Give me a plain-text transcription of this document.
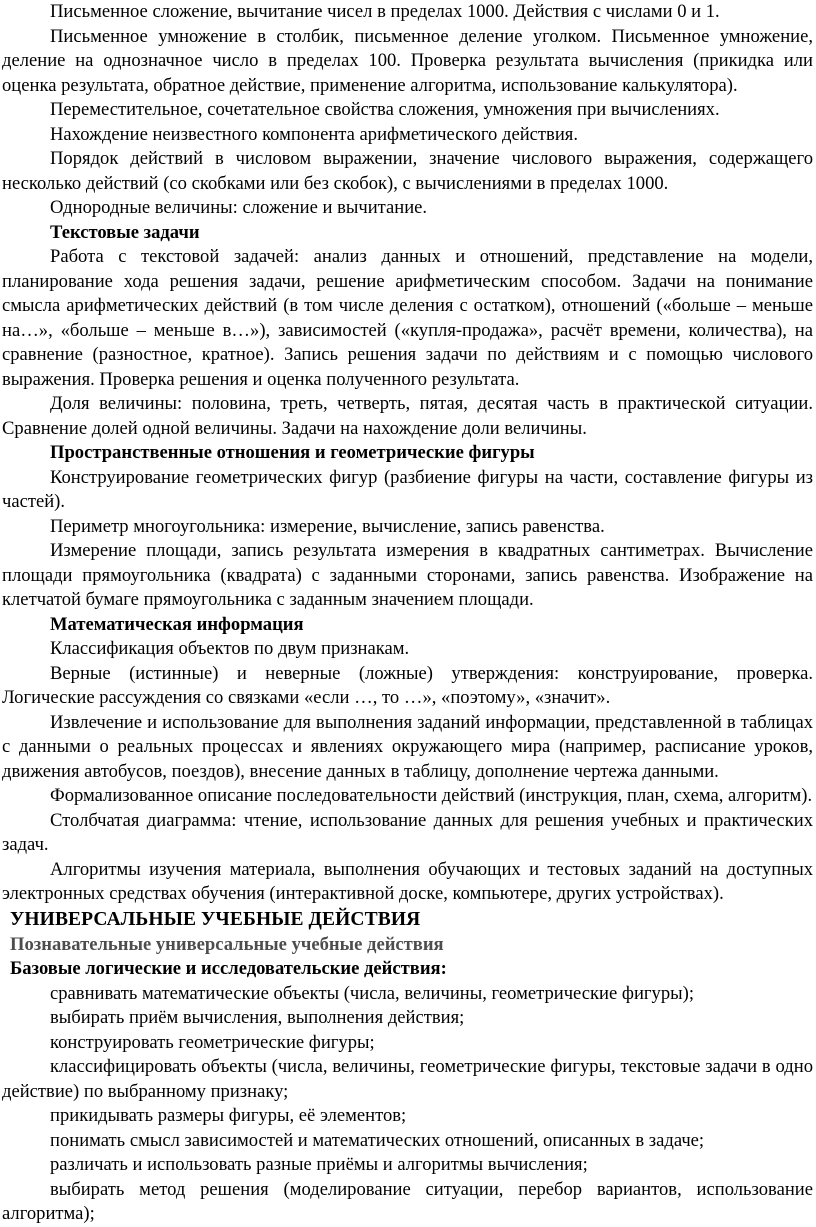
Письменное сложение, вычитание чисел в пределах 1000. Действия с числами 0 и 1.

Письменное умножение в столбик, письменное деление уголком. Письменное умножение, деление на однозначное число в пределах 100. Проверка результата вычисления (прикидка или оценка результата, обратное действие, применение алгоритма, использование калькулятора).

Переместительное, сочетательное свойства сложения, умножения при вычислениях.

Нахождение неизвестного компонента арифметического действия.

Порядок действий в числовом выражении, значение числового выражения, содержащего несколько действий (со скобками или без скобок), с вычислениями в пределах 1000.

Однородные величины: сложение и вычитание.

Текстовые задачи

Работа с текстовой задачей: анализ данных и отношений, представление на модели, планирование хода решения задачи, решение арифметическим способом. Задачи на понимание смысла арифметических действий (в том числе деления с остатком), отношений («больше – меньше на…», «больше – меньше в…»), зависимостей («купля-продажа», расчёт времени, количества), на сравнение (разностное, кратное). Запись решения задачи по действиям и с помощью числового выражения. Проверка решения и оценка полученного результата.

Доля величины: половина, треть, четверть, пятая, десятая часть в практической ситуации. Сравнение долей одной величины. Задачи на нахождение доли величины.

Пространственные отношения и геометрические фигуры

Конструирование геометрических фигур (разбиение фигуры на части, составление фигуры из частей).

Периметр многоугольника: измерение, вычисление, запись равенства.

Измерение площади, запись результата измерения в квадратных сантиметрах. Вычисление площади прямоугольника (квадрата) с заданными сторонами, запись равенства. Изображение на клетчатой бумаге прямоугольника с заданным значением площади.

Математическая информация

Классификация объектов по двум признакам.

Верные (истинные) и неверные (ложные) утверждения: конструирование, проверка. Логические рассуждения со связками «если …, то …», «поэтому», «значит».

Извлечение и использование для выполнения заданий информации, представленной в таблицах с данными о реальных процессах и явлениях окружающего мира (например, расписание уроков, движения автобусов, поездов), внесение данных в таблицу, дополнение чертежа данными.

Формализованное описание последовательности действий (инструкция, план, схема, алгоритм).

Столбчатая диаграмма: чтение, использование данных для решения учебных и практических задач.

Алгоритмы изучения материала, выполнения обучающих и тестовых заданий на доступных электронных средствах обучения (интерактивной доске, компьютере, других устройствах).

УНИВЕРСАЛЬНЫЕ УЧЕБНЫЕ ДЕЙСТВИЯ

Познавательные универсальные учебные действия

Базовые логические и исследовательские действия:

сравнивать математические объекты (числа, величины, геометрические фигуры);

выбирать приём вычисления, выполнения действия;

конструировать геометрические фигуры;

классифицировать объекты (числа, величины, геометрические фигуры, текстовые задачи в одно действие) по выбранному признаку;

прикидывать размеры фигуры, её элементов;

понимать смысл зависимостей и математических отношений, описанных в задаче;

различать и использовать разные приёмы и алгоритмы вычисления;

выбирать метод решения (моделирование ситуации, перебор вариантов, использование алгоритма);
